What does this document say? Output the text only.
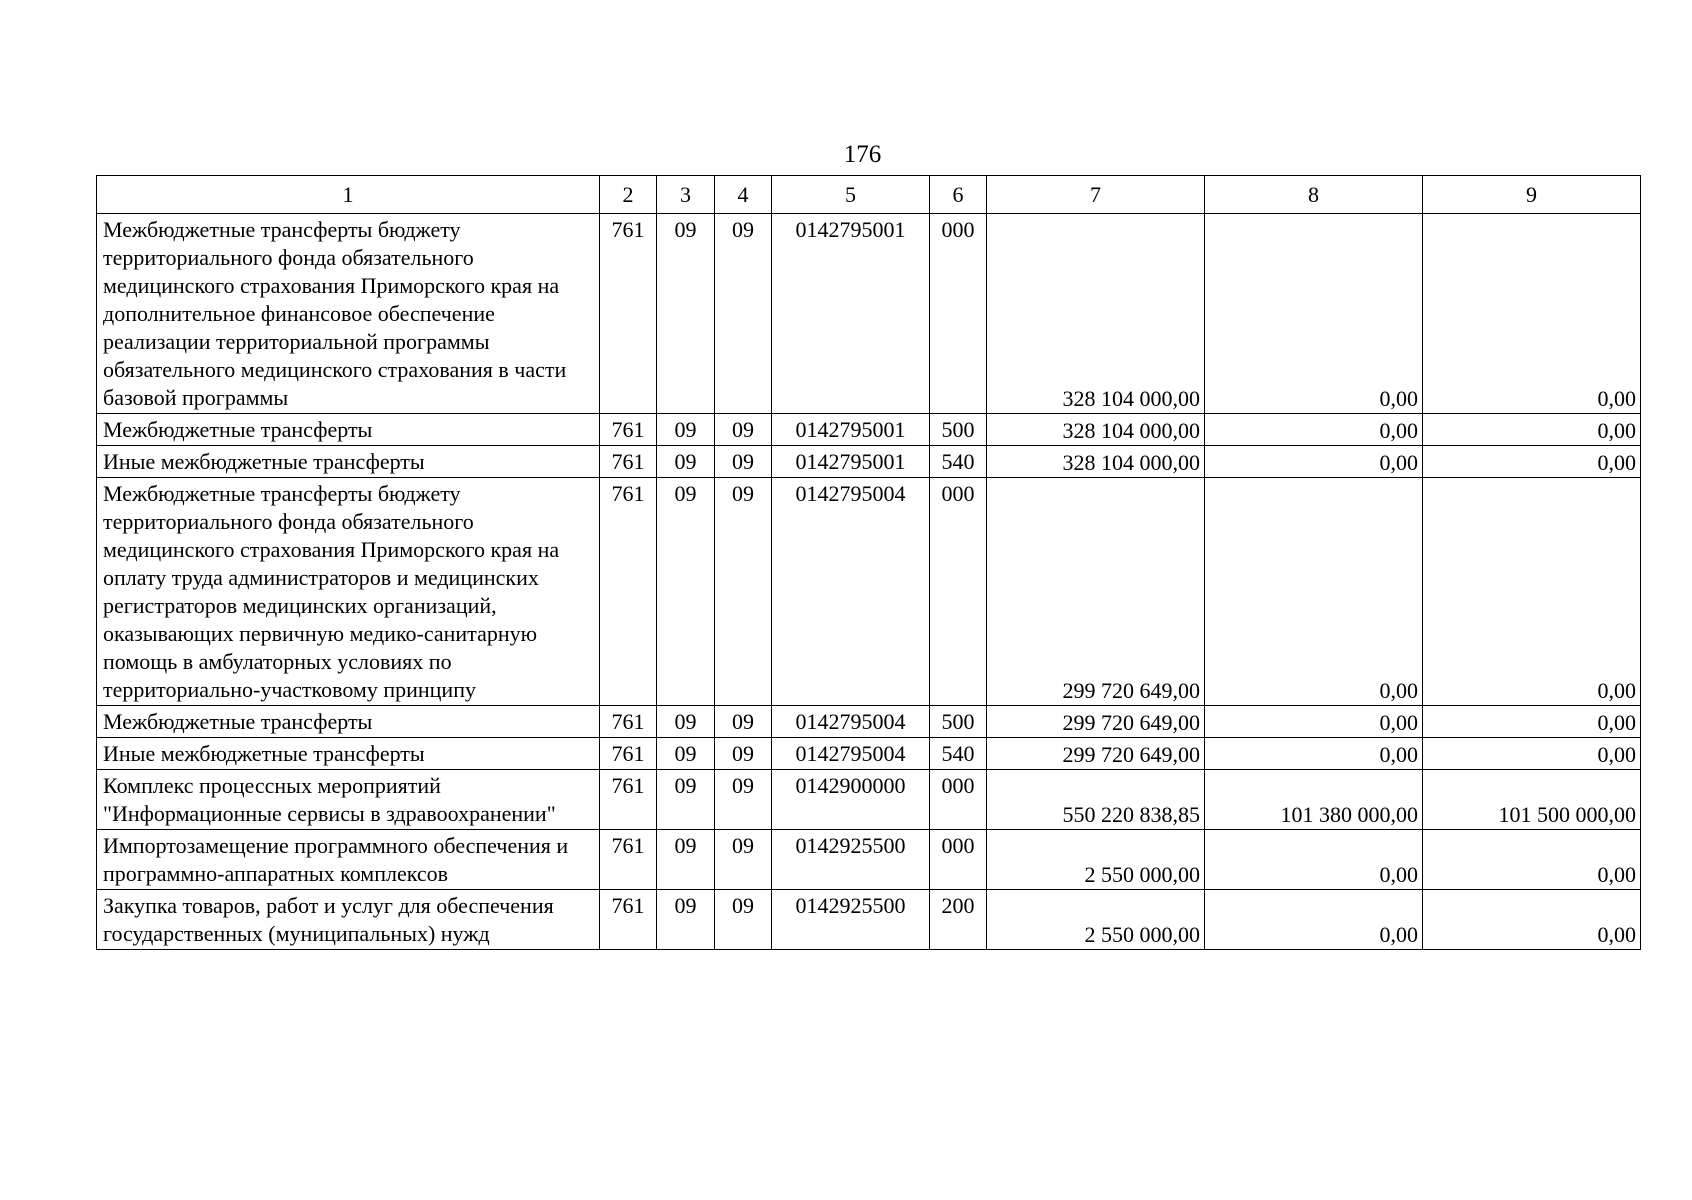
176
1	2	3	4	5	6	7	8	9
Межбюджетные трансферты бюджету территориального фонда обязательного медицинского страхования Приморского края на дополнительное финансовое обеспечение реализации территориальной программы обязательного медицинского страхования в части базовой программы	761	09	09	0142795001	000	328 104 000,00	0,00	0,00
Межбюджетные трансферты	761	09	09	0142795001	500	328 104 000,00	0,00	0,00
Иные межбюджетные трансферты	761	09	09	0142795001	540	328 104 000,00	0,00	0,00
Межбюджетные трансферты бюджету территориального фонда обязательного медицинского страхования Приморского края на оплату труда администраторов и медицинских регистраторов медицинских организаций, оказывающих первичную медико-санитарную помощь в амбулаторных условиях по территориально-участковому принципу	761	09	09	0142795004	000	299 720 649,00	0,00	0,00
Межбюджетные трансферты	761	09	09	0142795004	500	299 720 649,00	0,00	0,00
Иные межбюджетные трансферты	761	09	09	0142795004	540	299 720 649,00	0,00	0,00
Комплекс процессных мероприятий "Информационные сервисы в здравоохранении"	761	09	09	0142900000	000	550 220 838,85	101 380 000,00	101 500 000,00
Импортозамещение программного обеспечения и программно-аппаратных комплексов	761	09	09	0142925500	000	2 550 000,00	0,00	0,00
Закупка товаров, работ и услуг для обеспечения государственных (муниципальных) нужд	761	09	09	0142925500	200	2 550 000,00	0,00	0,00
